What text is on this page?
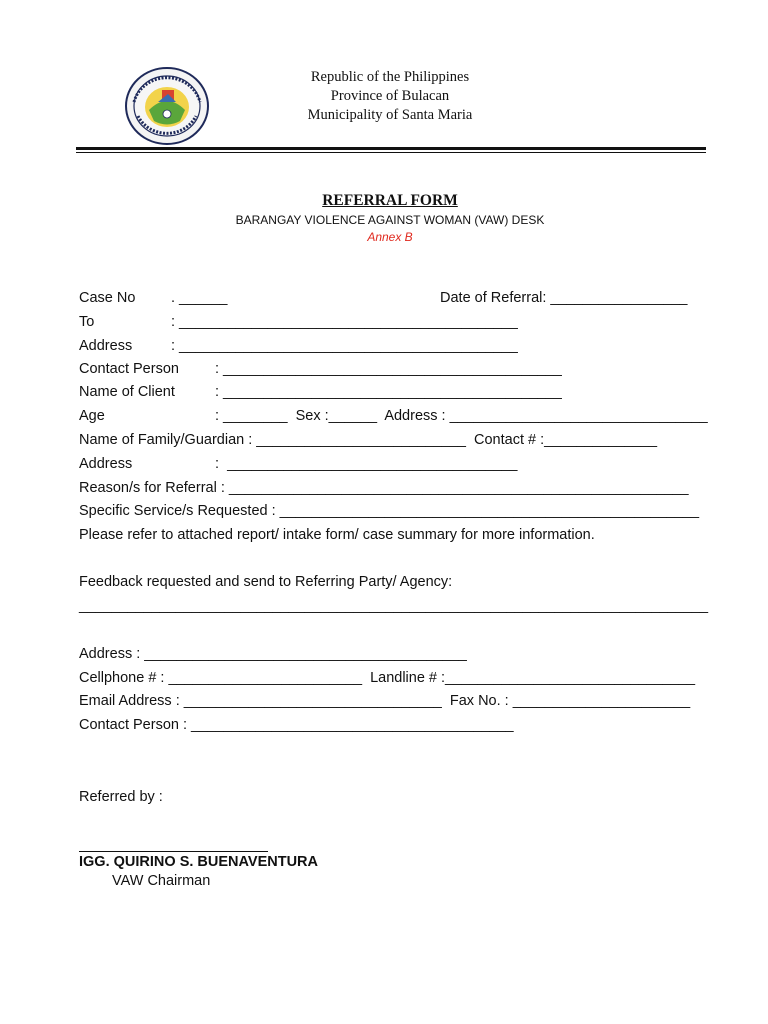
Republic of the Philippines
Province of Bulacan
Municipality of Santa Maria
REFERRAL FORM
BARANGAY VIOLENCE AGAINST WOMAN (VAW) DESK
Annex B
Case No . ______	Date of Referral: _________________
To	: __________________________________________
Address	: __________________________________________
Contact Person : __________________________________________
Name of Client	: __________________________________________
Age	: ________  Sex :______  Address : ________________________________
Name of Family/Guardian : __________________________  Contact # :______________
Address	:  ____________________________________
Reason/s for Referral : _________________________________________________________
Specific Service/s Requested : ____________________________________________________
Please refer to attached report/ intake form/ case summary for more information.
Feedback requested and send to Referring Party/ Agency:
______________________________________________________________________________
Address : ________________________________________
Cellphone # : ________________________  Landline # :_______________________________
Email Address : ________________________________  Fax No. : ______________________
Contact Person : ________________________________________
Referred by :
IGG. QUIRINO S. BUENAVENTURA
VAW Chairman
